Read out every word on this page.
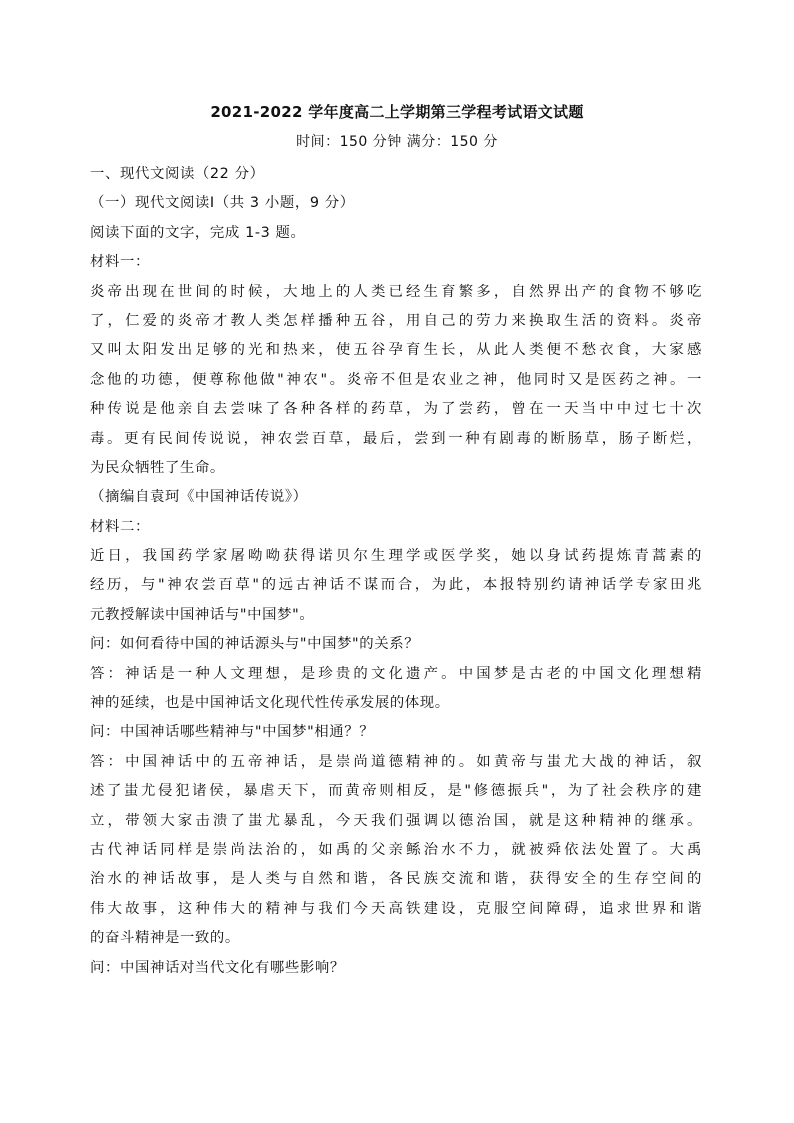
2021-2022 学年度高二上学期第三学程考试语文试题
时间：150 分钟 满分：150 分
一、现代文阅读（22 分）
（一）现代文阅读Ⅰ（共 3 小题，9 分）
阅读下面的文字，完成 1-3 题。
材料一：
炎帝出现在世间的时候，大地上的人类已经生育繁多，自然界出产的食物不够吃
了，仁爱的炎帝才教人类怎样播种五谷，用自己的劳力来换取生活的资料。炎帝
又叫太阳发出足够的光和热来，使五谷孕育生长，从此人类便不愁衣食，大家感
念他的功德，便尊称他做"神农"。炎帝不但是农业之神，他同时又是医药之神。一
种传说是他亲自去尝味了各种各样的药草，为了尝药，曾在一天当中中过七十次
毒。更有民间传说说，神农尝百草，最后，尝到一种有剧毒的断肠草，肠子断烂，
为民众牺牲了生命。
（摘编自袁珂《中国神话传说》）
材料二：
近日，我国药学家屠呦呦获得诺贝尔生理学或医学奖，她以身试药提炼青蒿素的
经历，与"神农尝百草"的远古神话不谋而合，为此，本报特别约请神话学专家田兆
元教授解读中国神话与"中国梦"。
问：如何看待中国的神话源头与"中国梦"的关系？
答：神话是一种人文理想，是珍贵的文化遗产。中国梦是古老的中国文化理想精
神的延续，也是中国神话文化现代性传承发展的体现。
问：中国神话哪些精神与"中国梦"相通？？
答：中国神话中的五帝神话，是崇尚道德精神的。如黄帝与蚩尤大战的神话，叙
述了蚩尤侵犯诸侯，暴虐天下，而黄帝则相反，是"修德振兵"，为了社会秩序的建
立，带领大家击溃了蚩尤暴乱，今天我们强调以德治国，就是这种精神的继承。
古代神话同样是崇尚法治的，如禹的父亲鲧治水不力，就被舜依法处置了。大禹
治水的神话故事，是人类与自然和谐，各民族交流和谐，获得安全的生存空间的
伟大故事，这种伟大的精神与我们今天高铁建设，克服空间障碍，追求世界和谐
的奋斗精神是一致的。
问：中国神话对当代文化有哪些影响？
